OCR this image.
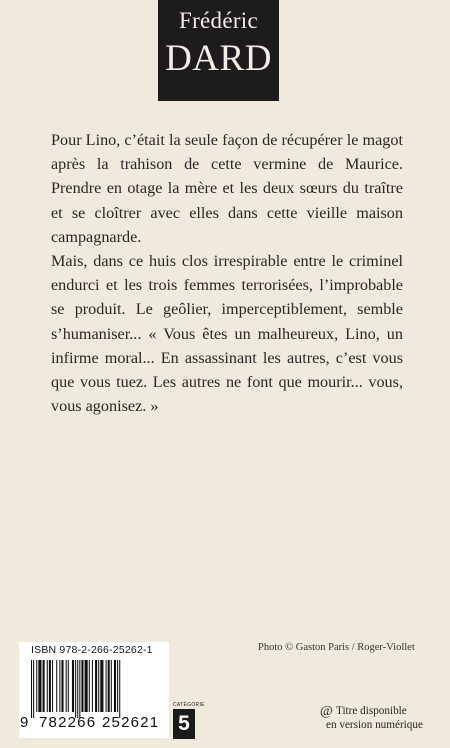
Frédéric
DARD

Pour Lino, c’était la seule façon de récupérer le magot après la trahison de cette vermine de Maurice. Prendre en otage la mère et les deux sœurs du traître et se cloîtrer avec elles dans cette vieille maison campagnarde.

Mais, dans ce huis clos irrespirable entre le criminel endurci et les trois femmes terrorisées, l’improbable se produit. Le geôlier, imperceptiblement, semble s’humaniser... « Vous êtes un malheureux, Lino, un infirme moral... En assassinant les autres, c’est vous que vous tuez. Les autres ne font que mourir... vous, vous agonisez. »

Photo © Gaston Paris / Roger-Viollet
ISBN 978-2-266-25262-1
9 782266 252621
CATÉGORIE
5
@ Titre disponible
en version numérique
